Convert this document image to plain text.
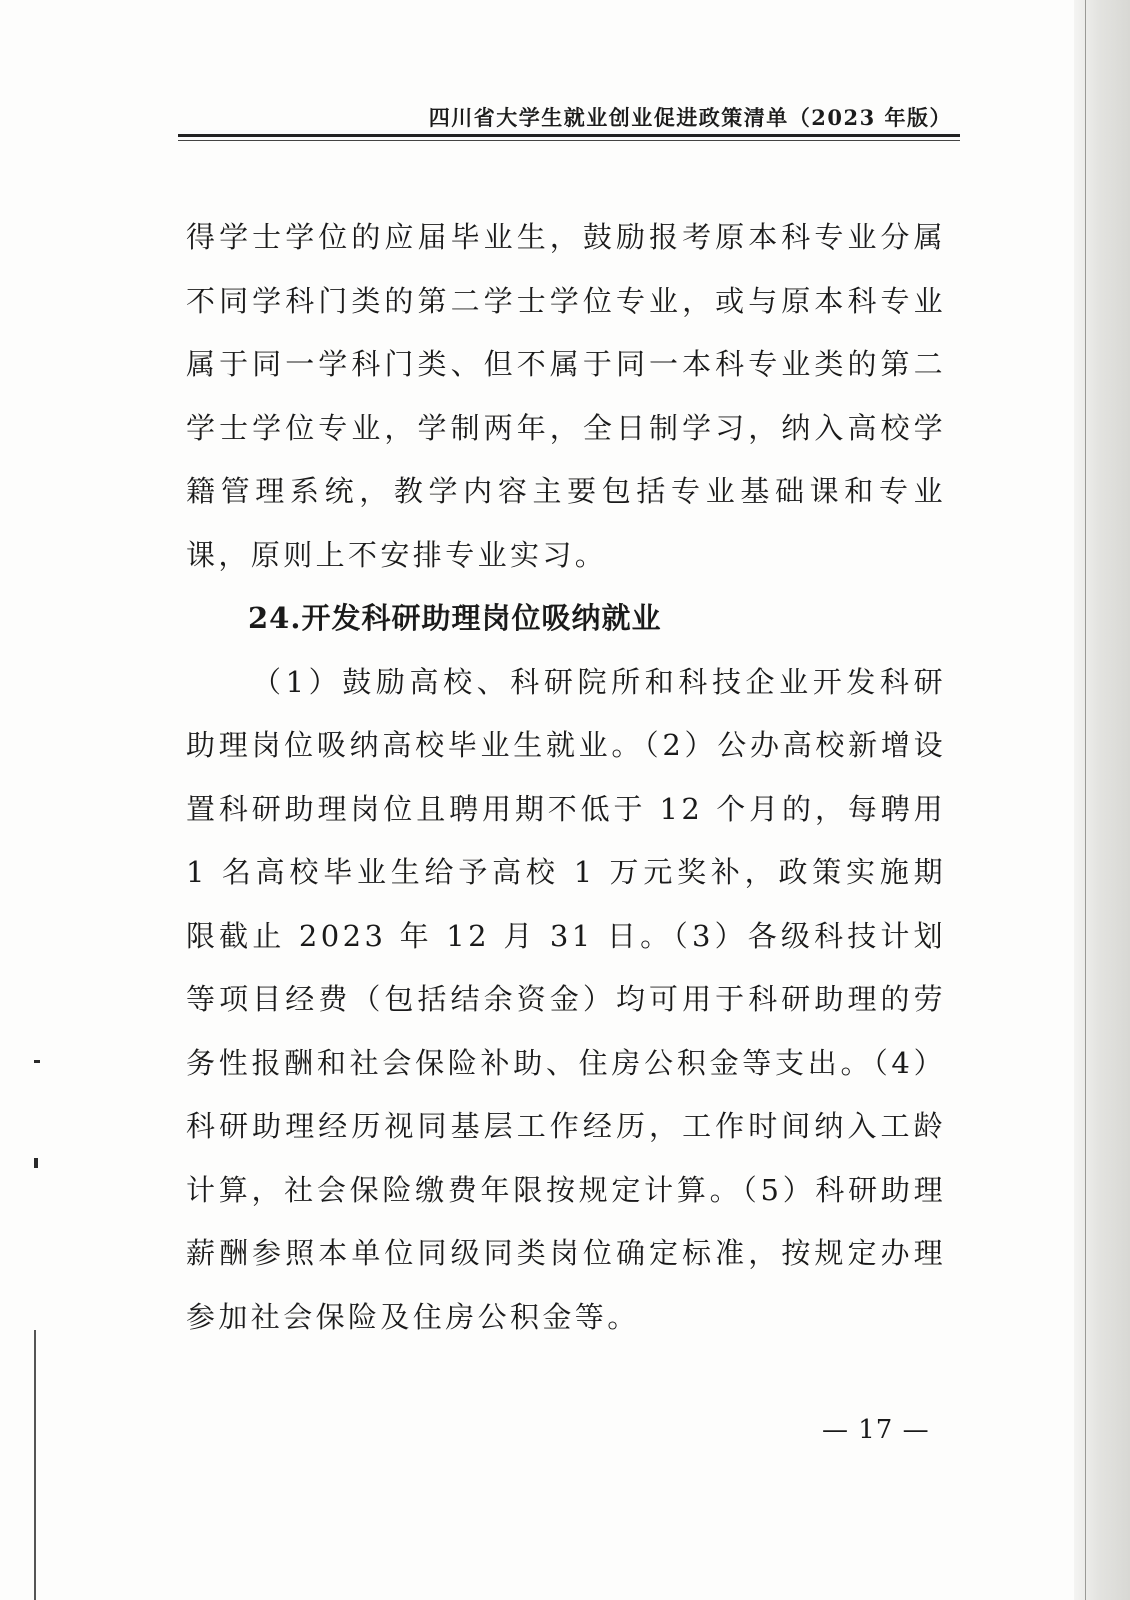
四川省大学生就业创业促进政策清单（2023 年版）

得学士学位的应届毕业生，鼓励报考原本科专业分属不同学科门类的第二学士学位专业，或与原本科专业属于同一学科门类、但不属于同一本科专业类的第二学士学位专业，学制两年，全日制学习，纳入高校学籍管理系统，教学内容主要包括专业基础课和专业课，原则上不安排专业实习。

24.开发科研助理岗位吸纳就业

（1）鼓励高校、科研院所和科技企业开发科研助理岗位吸纳高校毕业生就业。（2）公办高校新增设置科研助理岗位且聘用期不低于 12 个月的，每聘用 1 名高校毕业生给予高校 1 万元奖补，政策实施期限截止 2023 年 12 月 31 日。（3）各级科技计划等项目经费（包括结余资金）均可用于科研助理的劳务性报酬和社会保险补助、住房公积金等支出。（4）科研助理经历视同基层工作经历，工作时间纳入工龄计算，社会保险缴费年限按规定计算。（5）科研助理薪酬参照本单位同级同类岗位确定标准，按规定办理参加社会保险及住房公积金等。

— 17 —
